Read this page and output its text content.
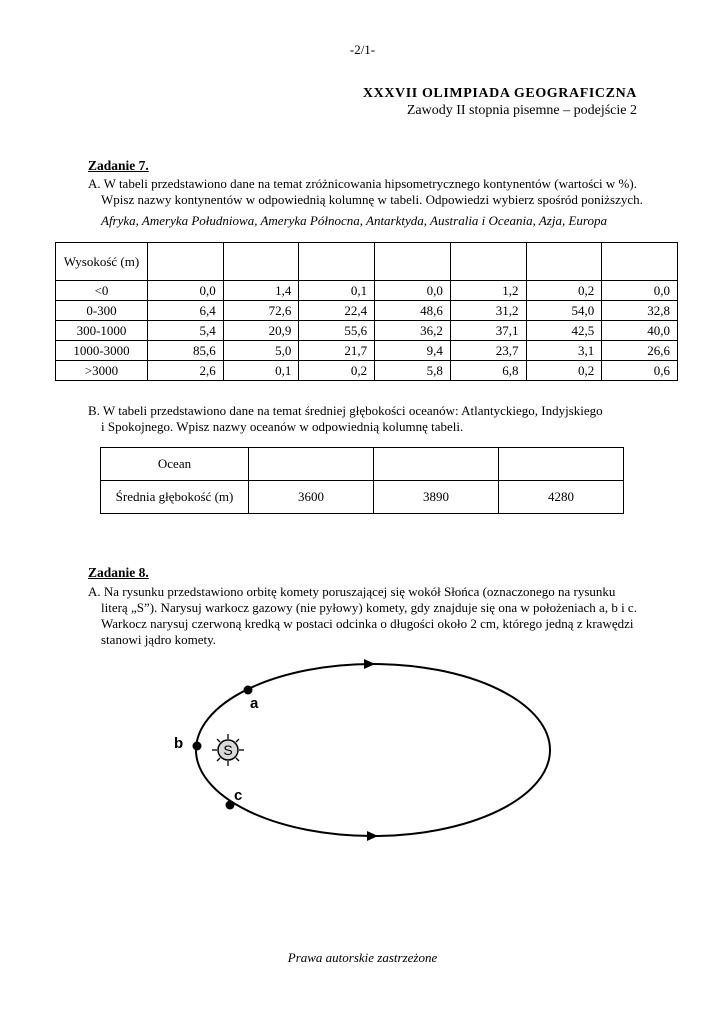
-2/1-
XXXVII OLIMPIADA GEOGRAFICZNA
Zawody II stopnia pisemne – podejście 2
Zadanie 7.
A. W tabeli przedstawiono dane na temat zróżnicowania hipsometrycznego kontynentów (wartości w %).
Wpisz nazwy kontynentów w odpowiednią kolumnę w tabeli. Odpowiedzi wybierz spośród poniższych.
Afryka, Ameryka Południowa, Ameryka Północna, Antarktyda, Australia i Oceania, Azja, Europa
Wysokość (m)							
<0	0,0	1,4	0,1	0,0	1,2	0,2	0,0
0-300	6,4	72,6	22,4	48,6	31,2	54,0	32,8
300-1000	5,4	20,9	55,6	36,2	37,1	42,5	40,0
1000-3000	85,6	5,0	21,7	9,4	23,7	3,1	26,6
>3000	2,6	0,1	0,2	5,8	6,8	0,2	0,6
B. W tabeli przedstawiono dane na temat średniej głębokości oceanów: Atlantyckiego, Indyjskiego
i Spokojnego. Wpisz nazwy oceanów w odpowiednią kolumnę tabeli.
Ocean			
Średnia głębokość (m)	3600	3890	4280
Zadanie 8.
A. Na rysunku przedstawiono orbitę komety poruszającej się wokół Słońca (oznaczonego na rysunku
literą „S”). Narysuj warkocz gazowy (nie pyłowy) komety, gdy znajduje się ona w położeniach a, b i c.
Warkocz narysuj czerwoną kredką w postaci odcinka o długości około 2 cm, którego jedną z krawędzi
stanowi jądro komety.
S
a
b
c
Prawa autorskie zastrzeżone
